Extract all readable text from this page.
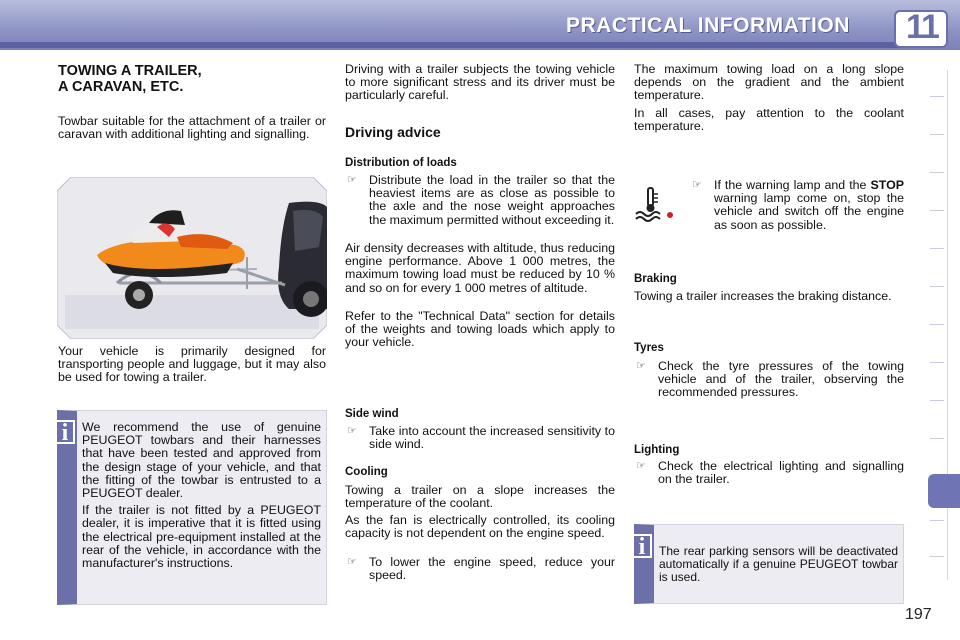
PRACTICAL INFORMATION 11
TOWING A TRAILER,
A CARAVAN, ETC.
Towbar suitable for the attachment of a trailer or caravan with additional lighting and signalling.
Your vehicle is primarily designed for transporting people and luggage, but it may also be used for towing a trailer.
We recommend the use of genuine PEUGEOT towbars and their harnesses that have been tested and approved from the design stage of your vehicle, and that the fitting of the towbar is entrusted to a PEUGEOT dealer.
If the trailer is not fitted by a PEUGEOT dealer, it is imperative that it is fitted using the electrical pre-equipment installed at the rear of the vehicle, in accordance with the manufacturer's instructions.
i
Driving with a trailer subjects the towing vehicle to more significant stress and its driver must be particularly careful.
Driving advice
Distribution of loads
☞ Distribute the load in the trailer so that the heaviest items are as close as possible to the axle and the nose weight approaches the maximum permitted without exceeding it.
Air density decreases with altitude, thus reducing engine performance. Above 1 000 metres, the maximum towing load must be reduced by 10 % and so on for every 1 000 metres of altitude.
Refer to the "Technical Data" section for details of the weights and towing loads which apply to your vehicle.
Side wind
☞ Take into account the increased sensitivity to side wind.
Cooling
Towing a trailer on a slope increases the temperature of the coolant.
As the fan is electrically controlled, its cooling capacity is not dependent on the engine speed.
☞ To lower the engine speed, reduce your speed.
The maximum towing load on a long slope depends on the gradient and the ambient temperature.
In all cases, pay attention to the coolant temperature.
☞ If the warning lamp and the STOP warning lamp come on, stop the vehicle and switch off the engine as soon as possible.
Braking
Towing a trailer increases the braking distance.
Tyres
☞ Check the tyre pressures of the towing vehicle and of the trailer, observing the recommended pressures.
Lighting
☞ Check the electrical lighting and signalling on the trailer.
The rear parking sensors will be deactivated automatically if a genuine PEUGEOT towbar is used.
i
197
